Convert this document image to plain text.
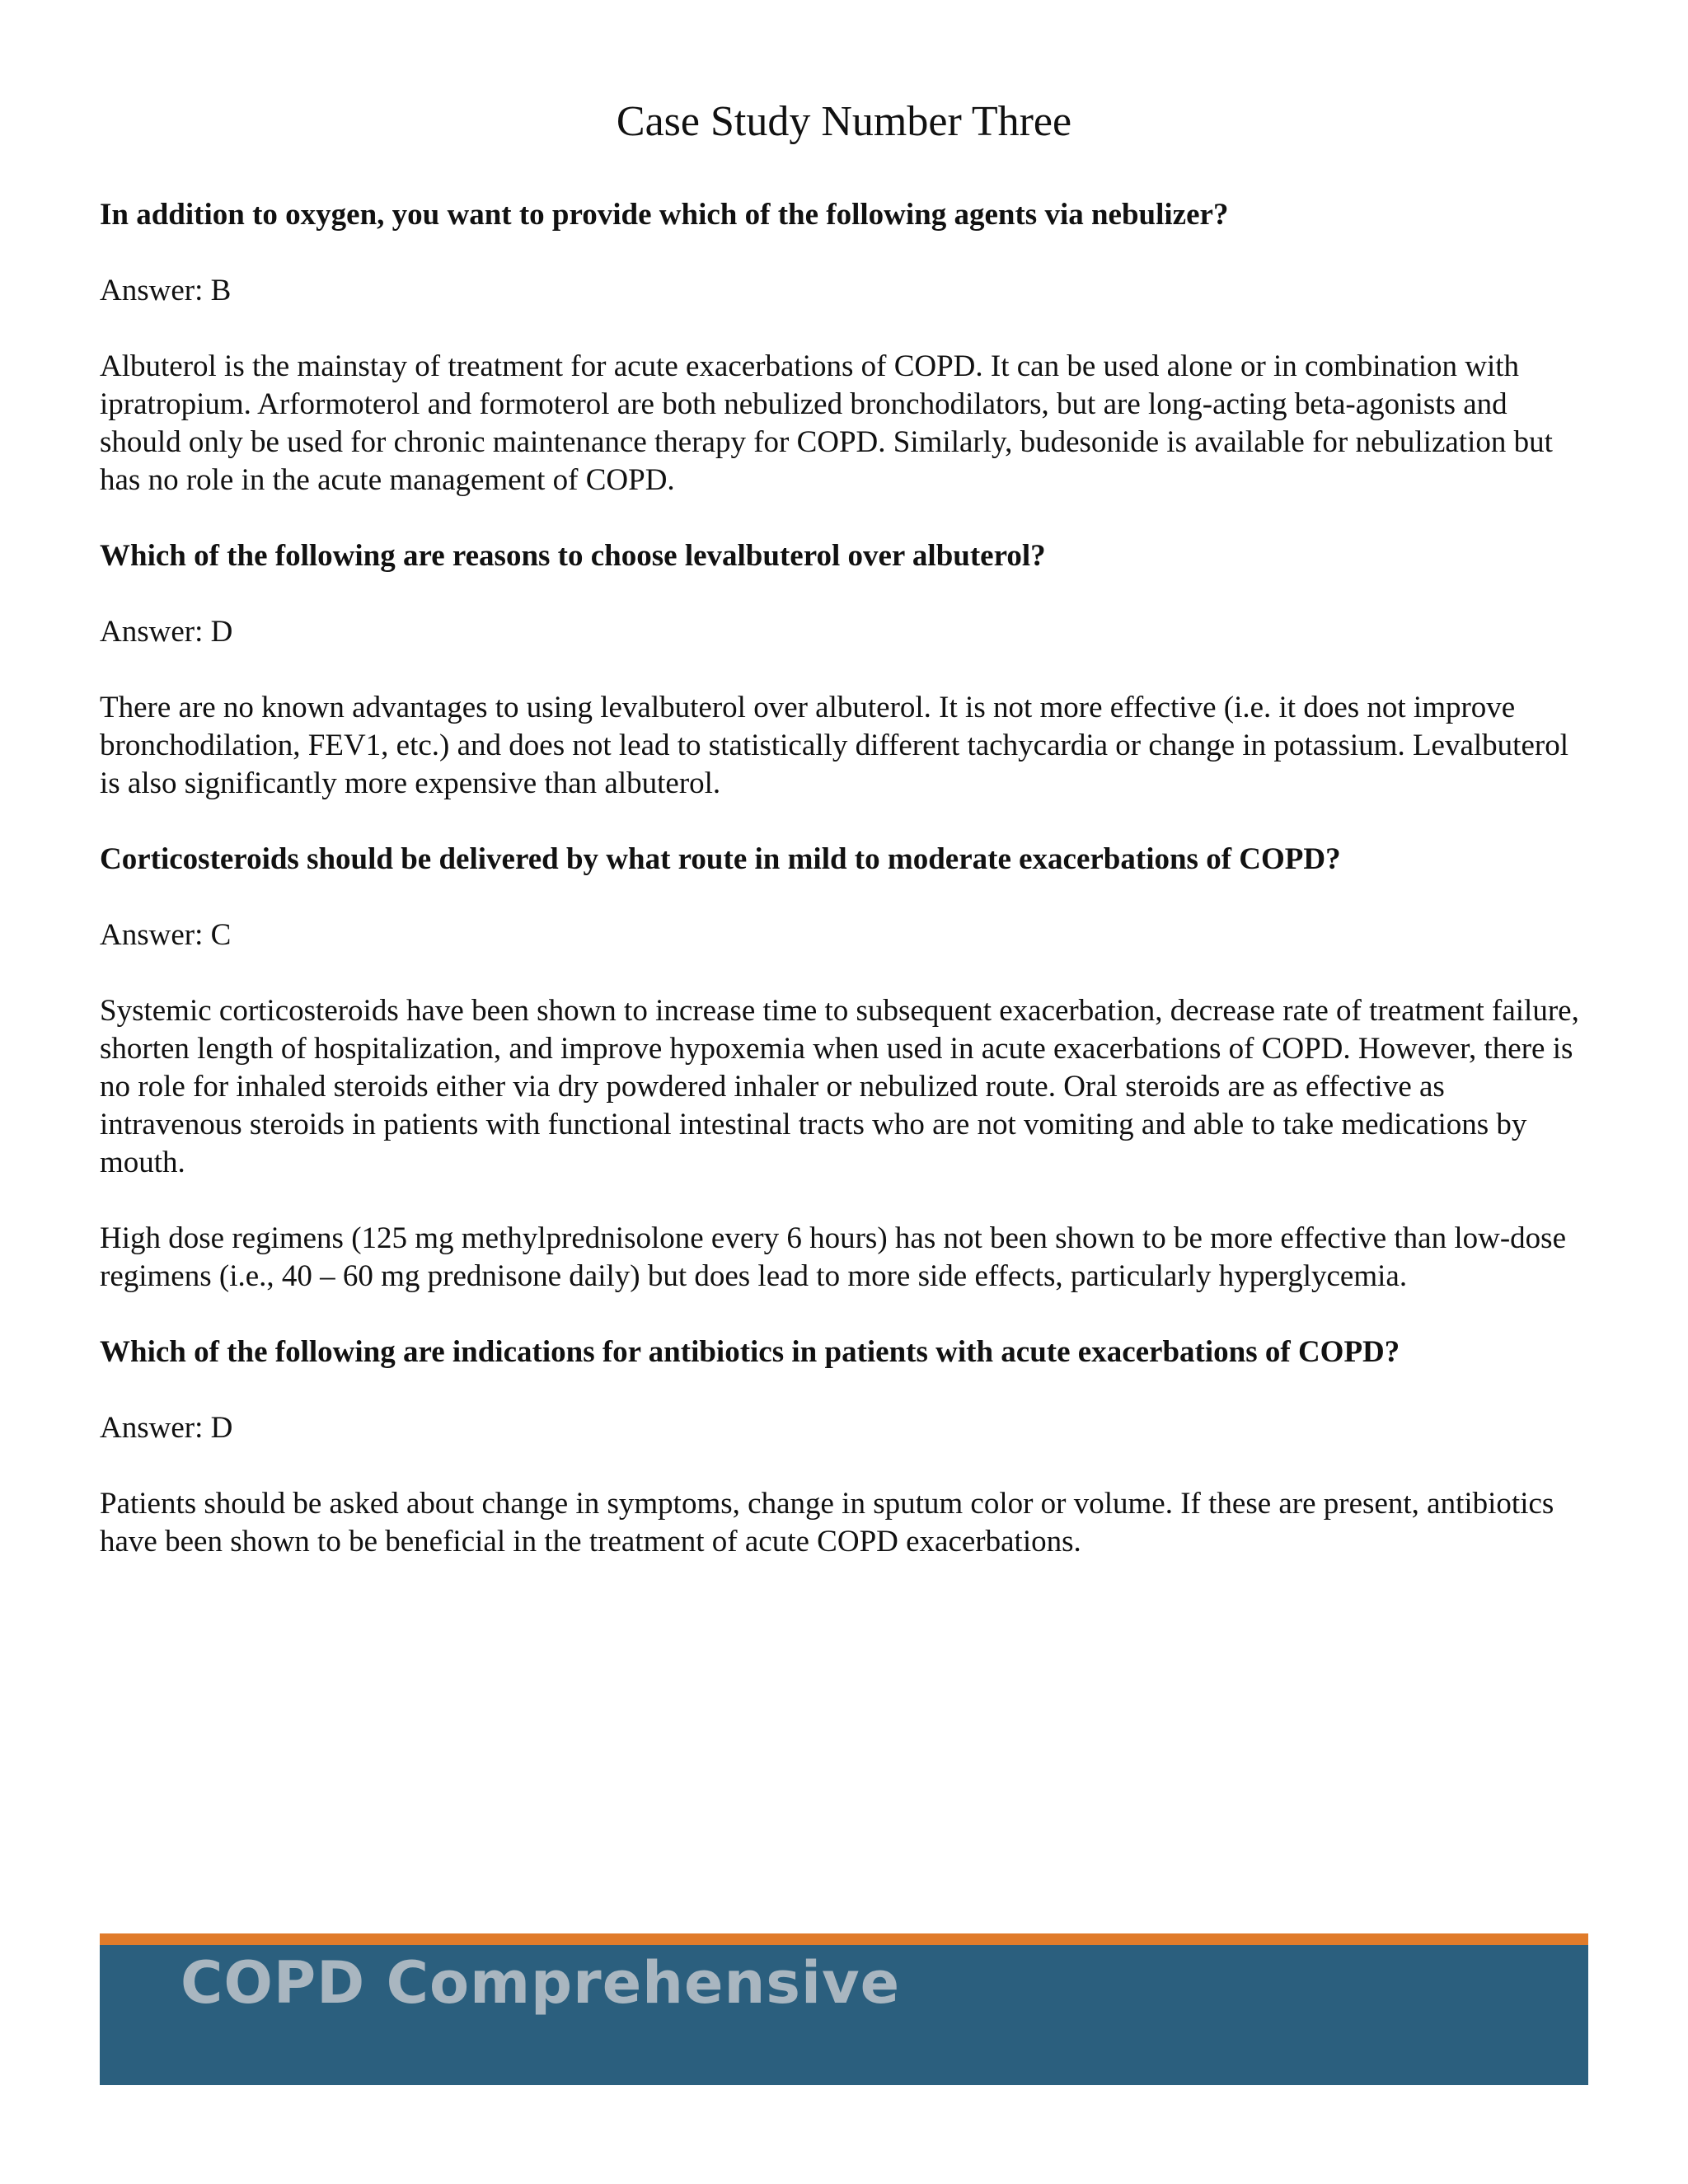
Case Study Number Three

In addition to oxygen, you want to provide which of the following agents via nebulizer?

Answer: B

Albuterol is the mainstay of treatment for acute exacerbations of COPD. It can be used alone or in combination with ipratropium. Arformoterol and formoterol are both nebulized bronchodilators, but are long-acting beta-agonists and should only be used for chronic maintenance therapy for COPD. Similarly, budesonide is available for nebulization but has no role in the acute management of COPD.

Which of the following are reasons to choose levalbuterol over albuterol?

Answer: D

There are no known advantages to using levalbuterol over albuterol. It is not more effective (i.e. it does not improve bronchodilation, FEV1, etc.) and does not lead to statistically different tachycardia or change in potassium. Levalbuterol is also significantly more expensive than albuterol.

Corticosteroids should be delivered by what route in mild to moderate exacerbations of COPD?

Answer: C

Systemic corticosteroids have been shown to increase time to subsequent exacerbation, decrease rate of treatment failure, shorten length of hospitalization, and improve hypoxemia when used in acute exacerbations of COPD. However, there is no role for inhaled steroids either via dry powdered inhaler or nebulized route. Oral steroids are as effective as intravenous steroids in patients with functional intestinal tracts who are not vomiting and able to take medications by mouth.

High dose regimens (125 mg methylprednisolone every 6 hours) has not been shown to be more effective than low-dose regimens (i.e., 40 – 60 mg prednisone daily) but does lead to more side effects, particularly hyperglycemia.

Which of the following are indications for antibiotics in patients with acute exacerbations of COPD?

Answer: D

Patients should be asked about change in symptoms, change in sputum color or volume. If these are present, antibiotics have been shown to be beneficial in the treatment of acute COPD exacerbations.

COPD Comprehensive
